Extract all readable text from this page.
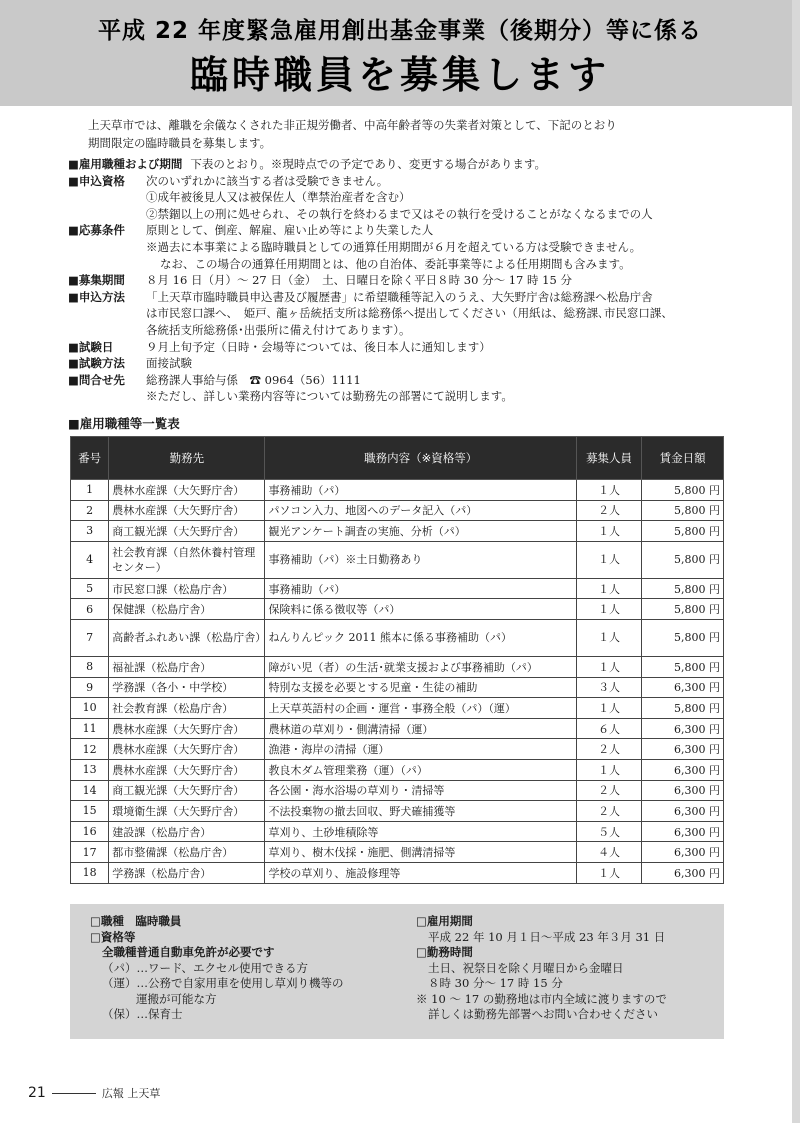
平成 22 年度緊急雇用創出基金事業（後期分）等に係る
臨時職員を募集します
上天草市では、離職を余儀なくされた非正規労働者、中高年齢者等の失業者対策として、下記のとおり
期間限定の臨時職員を募集します。
■雇用職種および期間 下表のとおり。※現時点での予定であり、変更する場合があります。
■申込資格	次のいずれかに該当する者は受験できません。
①成年被後見人又は被保佐人（準禁治産者を含む）
②禁錮以上の刑に処せられ、その執行を終わるまで又はその執行を受けることがなくなるまでの人
■応募条件	原則として、倒産、解雇、雇い止め等により失業した人
※過去に本事業による臨時職員としての通算任用期間が６月を超えている方は受験できません。
なお、この場合の通算任用期間とは、他の自治体、委託事業等による任用期間も含みます。
■募集期間	８月 16 日（月）～ 27 日（金）　土、日曜日を除く平日８時 30 分～ 17 時 15 分
■申込方法	「上天草市臨時職員申込書及び履歴書」に希望職種等記入のうえ、大矢野庁舎は総務課へ松島庁舎
は市民窓口課へ、　姫戸､ 龍ヶ岳統括支所は総務係へ提出してください（用紙は、総務課､市民窓口課、
各統括支所総務係･出張所に備え付けてあります）。
■試験日	９月上旬予定（日時・会場等については、後日本人に通知します）
■試験方法	面接試験
■問合せ先	総務課人事給与係　☎ 0964（56）1111
※ただし、詳しい業務内容等については勤務先の部署にて説明します。
■雇用職種等一覧表
番号	勤務先	職務内容（※資格等）	募集人員	賃金日額
1	農林水産課（大矢野庁舎）	事務補助（パ）	１人	5,800 円
2	農林水産課（大矢野庁舎）	パソコン入力、地図へのデータ記入（パ）	２人	5,800 円
3	商工観光課（大矢野庁舎）	観光アンケート調査の実施、分析（パ）	１人	5,800 円
4	社会教育課（自然休養村管理センター）	事務補助（パ）※土日勤務あり	１人	5,800 円
5	市民窓口課（松島庁舎）	事務補助（パ）	１人	5,800 円
6	保健課（松島庁舎）	保険料に係る徴収等（パ）	１人	5,800 円
7	高齢者ふれあい課（松島庁舎）	ねんりんピック 2011 熊本に係る事務補助（パ）	１人	5,800 円
8	福祉課（松島庁舎）	障がい児（者）の生活･就業支援および事務補助（パ）	１人	5,800 円
9	学務課（各小・中学校）	特別な支援を必要とする児童・生徒の補助	３人	6,300 円
10	社会教育課（松島庁舎）	上天草英語村の企画・運営・事務全般（パ）（運）	１人	5,800 円
11	農林水産課（大矢野庁舎）	農林道の草刈り・側溝清掃（運）	６人	6,300 円
12	農林水産課（大矢野庁舎）	漁港・海岸の清掃（運）	２人	6,300 円
13	農林水産課（大矢野庁舎）	教良木ダム管理業務（運）（パ）	１人	6,300 円
14	商工観光課（大矢野庁舎）	各公園・海水浴場の草刈り・清掃等	２人	6,300 円
15	環境衛生課（大矢野庁舎）	不法投棄物の撤去回収、野犬確捕獲等	２人	6,300 円
16	建設課（松島庁舎）	草刈り、土砂堆積除等	５人	6,300 円
17	都市整備課（松島庁舎）	草刈り、樹木伐採・施肥、側溝清掃等	４人	6,300 円
18	学務課（松島庁舎）	学校の草刈り、施設修理等	１人	6,300 円
□職種　臨時職員
□資格等
全職種普通自動車免許が必要です
（パ）…ワード、エクセル使用できる方
（運）…公務で自家用車を使用し草刈り機等の
運搬が可能な方
（保）…保育士
□雇用期間
平成 22 年 10 月１日～平成 23 年３月 31 日
□勤務時間
土日、祝祭日を除く月曜日から金曜日
８時 30 分～ 17 時 15 分
※ 10 ～ 17 の勤務地は市内全域に渡りますので
詳しくは勤務先部署へお問い合わせください
21	広報 上天草
